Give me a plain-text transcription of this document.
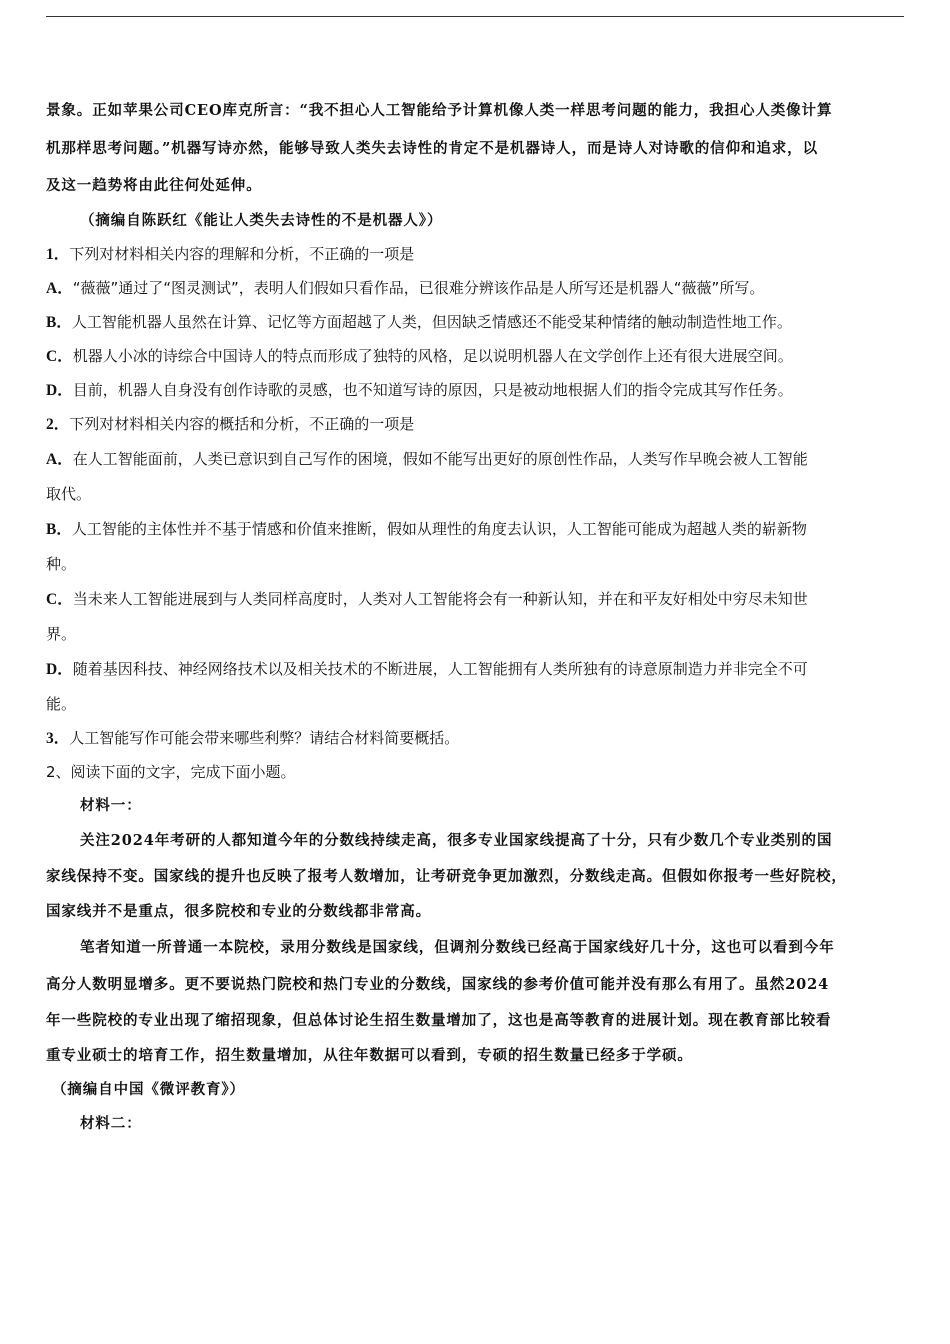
景象。正如苹果公司CEO库克所言：“我不担心人工智能给予计算机像人类一样思考问题的能力，我担心人类像计算
机那样思考问题。”机器写诗亦然，能够导致人类失去诗性的肯定不是机器诗人，而是诗人对诗歌的信仰和追求，以
及这一趋势将由此往何处延伸。
（摘编自陈跃红《能让人类失去诗性的不是机器人》）
1．下列对材料相关内容的理解和分析，不正确的一项是
A．“薇薇”通过了“图灵测试”，表明人们假如只看作品，已很难分辨该作品是人所写还是机器人“薇薇”所写。
B．人工智能机器人虽然在计算、记忆等方面超越了人类，但因缺乏情感还不能受某种情绪的触动制造性地工作。
C．机器人小冰的诗综合中国诗人的特点而形成了独特的风格，足以说明机器人在文学创作上还有很大进展空间。
D．目前，机器人自身没有创作诗歌的灵感，也不知道写诗的原因，只是被动地根据人们的指令完成其写作任务。
2．下列对材料相关内容的概括和分析，不正确的一项是
A．在人工智能面前，人类已意识到自己写作的困境，假如不能写出更好的原创性作品，人类写作早晚会被人工智能
取代。
B．人工智能的主体性并不基于情感和价值来推断，假如从理性的角度去认识，人工智能可能成为超越人类的崭新物
种。
C．当未来人工智能进展到与人类同样高度时，人类对人工智能将会有一种新认知，并在和平友好相处中穷尽未知世
界。
D．随着基因科技、神经网络技术以及相关技术的不断进展，人工智能拥有人类所独有的诗意原制造力并非完全不可
能。
3．人工智能写作可能会带来哪些利弊？请结合材料简要概括。
2、阅读下面的文字，完成下面小题。
材料一：
关注2024年考研的人都知道今年的分数线持续走高，很多专业国家线提高了十分，只有少数几个专业类别的国
家线保持不变。国家线的提升也反映了报考人数增加，让考研竞争更加激烈，分数线走高。但假如你报考一些好院校，
国家线并不是重点，很多院校和专业的分数线都非常高。
笔者知道一所普通一本院校，录用分数线是国家线，但调剂分数线已经高于国家线好几十分，这也可以看到今年
高分人数明显增多。更不要说热门院校和热门专业的分数线，国家线的参考价值可能并没有那么有用了。虽然2024
年一些院校的专业出现了缩招现象，但总体讨论生招生数量增加了，这也是高等教育的进展计划。现在教育部比较看
重专业硕士的培育工作，招生数量增加，从往年数据可以看到，专硕的招生数量已经多于学硕。
（摘编自中国《微评教育》）
材料二：
